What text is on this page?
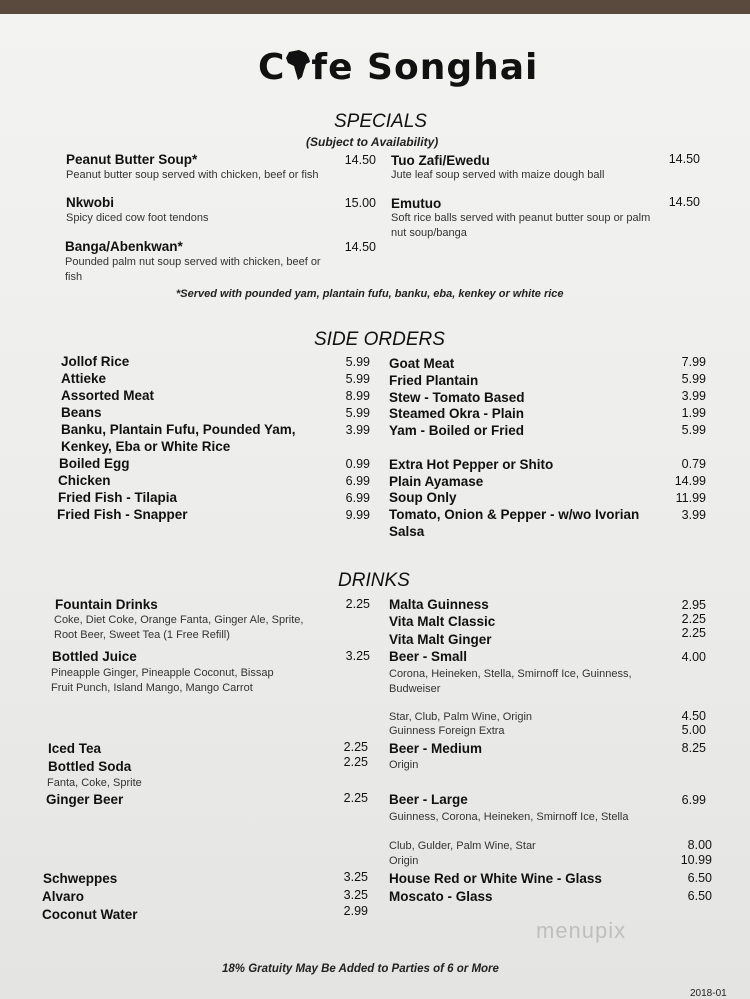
C fe Songhai
SPECIALS
(Subject to Availability)
Peanut Butter Soup*	14.50
Peanut butter soup served with chicken, beef or fish
Nkwobi	15.00
Spicy diced cow foot tendons
Banga/Abenkwan*	14.50
Pounded palm nut soup served with chicken, beef or fish
Tuo Zafi/Ewedu	14.50
Jute leaf soup served with maize dough ball
Emutuo	14.50
Soft rice balls served with peanut butter soup or palm nut soup/banga
*Served with pounded yam, plantain fufu, banku, eba, kenkey or white rice
SIDE ORDERS
Jollof Rice	5.99
Attieke	5.99
Assorted Meat	8.99
Beans	5.99
Banku, Plantain Fufu, Pounded Yam,	3.99
Kenkey, Eba or White Rice
Boiled Egg	0.99
Chicken	6.99
Fried Fish - Tilapia	6.99
Fried Fish - Snapper	9.99
Goat Meat	7.99
Fried Plantain	5.99
Stew - Tomato Based	3.99
Steamed Okra - Plain	1.99
Yam - Boiled or Fried	5.99
Extra Hot Pepper or Shito	0.79
Plain Ayamase	14.99
Soup Only	11.99
Tomato, Onion & Pepper - w/wo Ivorian	3.99
Salsa
DRINKS
Fountain Drinks	2.25
Coke, Diet Coke, Orange Fanta, Ginger Ale, Sprite,
Root Beer, Sweet Tea (1 Free Refill)
Bottled Juice	3.25
Pineapple Ginger, Pineapple Coconut, Bissap
Fruit Punch, Island Mango, Mango Carrot
Iced Tea	2.25
Bottled Soda	2.25
Fanta, Coke, Sprite
Ginger Beer	2.25
Schweppes	3.25
Alvaro	3.25
Coconut Water	2.99
Malta Guinness	2.95
Vita Malt Classic	2.25
Vita Malt Ginger	2.25
Beer - Small	4.00
Corona, Heineken, Stella, Smirnoff Ice, Guinness,
Budweiser
Star, Club, Palm Wine, Origin	4.50
Guinness Foreign Extra	5.00
Beer - Medium	8.25
Origin
Beer - Large	6.99
Guinness, Corona, Heineken, Smirnoff Ice, Stella
Club, Gulder, Palm Wine, Star	8.00
Origin	10.99
House Red or White Wine - Glass	6.50
Moscato - Glass	6.50
menupix
18% Gratuity May Be Added to Parties of 6 or More
2018-01
